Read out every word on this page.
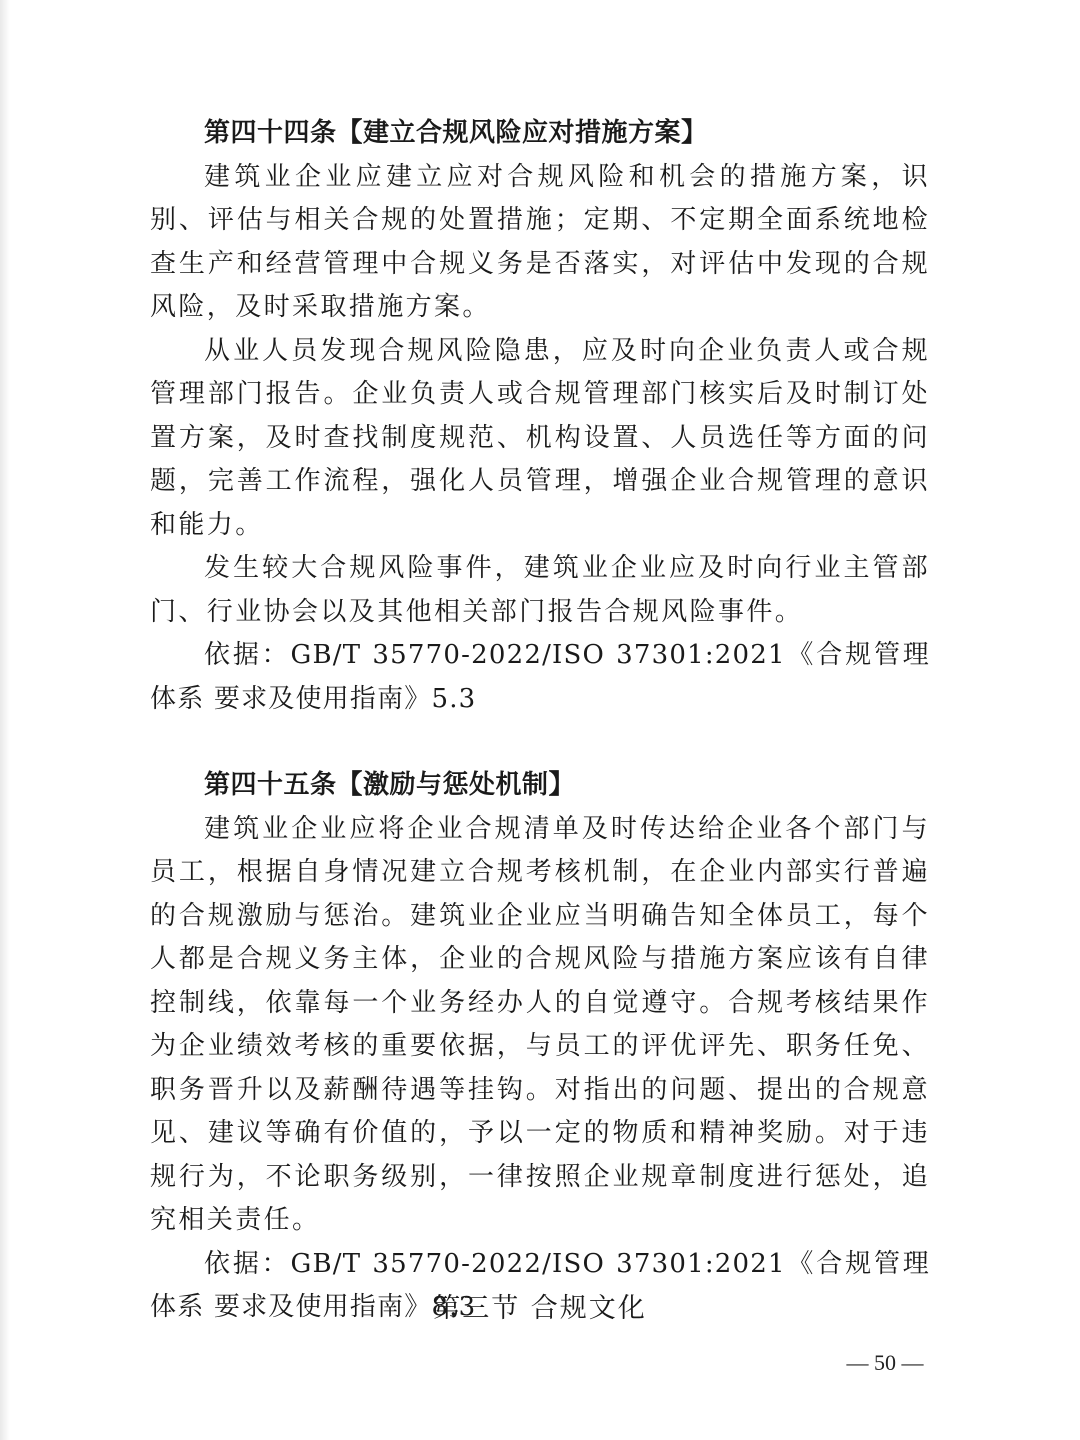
第四十四条【建立合规风险应对措施方案】

建筑业企业应建立应对合规风险和机会的措施方案，识别、评估与相关合规的处置措施；定期、不定期全面系统地检查生产和经营管理中合规义务是否落实，对评估中发现的合规风险，及时采取措施方案。

从业人员发现合规风险隐患，应及时向企业负责人或合规管理部门报告。企业负责人或合规管理部门核实后及时制订处置方案，及时查找制度规范、机构设置、人员选任等方面的问题，完善工作流程，强化人员管理，增强企业合规管理的意识和能力。

发生较大合规风险事件，建筑业企业应及时向行业主管部门、行业协会以及其他相关部门报告合规风险事件。

依据：GB/T 35770-2022/ISO 37301:2021《合规管理体系 要求及使用指南》5.3

第四十五条【激励与惩处机制】

建筑业企业应将企业合规清单及时传达给企业各个部门与员工，根据自身情况建立合规考核机制，在企业内部实行普遍的合规激励与惩治。建筑业企业应当明确告知全体员工，每个人都是合规义务主体，企业的合规风险与措施方案应该有自律控制线，依靠每一个业务经办人的自觉遵守。合规考核结果作为企业绩效考核的重要依据，与员工的评优评先、职务任免、职务晋升以及薪酬待遇等挂钩。对指出的问题、提出的合规意见、建议等确有价值的，予以一定的物质和精神奖励。对于违规行为，不论职务级别，一律按照企业规章制度进行惩处，追究相关责任。

依据：GB/T 35770-2022/ISO 37301:2021《合规管理体系 要求及使用指南》8.3

第三节 合规文化

— 50 —
